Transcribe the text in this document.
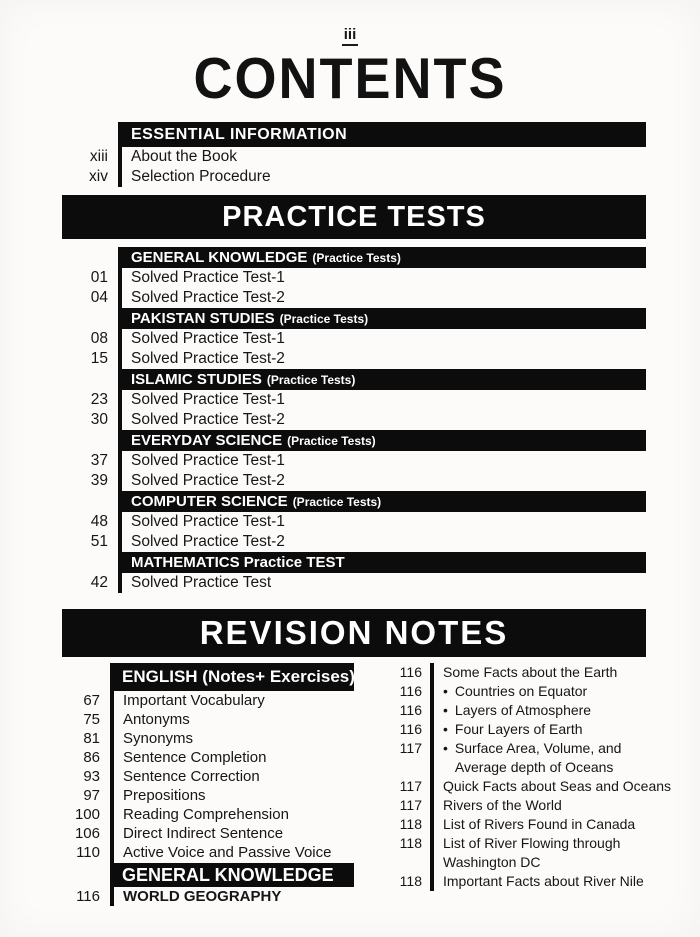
iii
CONTENTS
ESSENTIAL INFORMATION
xiii	About the Book
xiv	Selection Procedure
PRACTICE TESTS
GENERAL KNOWLEDGE (Practice Tests)
01	Solved Practice Test-1
04	Solved Practice Test-2
PAKISTAN STUDIES (Practice Tests)
08	Solved Practice Test-1
15	Solved Practice Test-2
ISLAMIC STUDIES (Practice Tests)
23	Solved Practice Test-1
30	Solved Practice Test-2
EVERYDAY SCIENCE (Practice Tests)
37	Solved Practice Test-1
39	Solved Practice Test-2
COMPUTER SCIENCE (Practice Tests)
48	Solved Practice Test-1
51	Solved Practice Test-2
MATHEMATICS Practice TEST
42	Solved Practice Test
REVISION NOTES
ENGLISH (Notes+ Exercises)
67	Important Vocabulary
75	Antonyms
81	Synonyms
86	Sentence Completion
93	Sentence Correction
97	Prepositions
100	Reading Comprehension
106	Direct Indirect Sentence
110	Active Voice and Passive Voice
GENERAL KNOWLEDGE
116	WORLD GEOGRAPHY
116	Some Facts about the Earth
116	• Countries on Equator
116	• Layers of Atmosphere
116	• Four Layers of Earth
117	• Surface Area, Volume, and Average depth of Oceans
117	Quick Facts about Seas and Oceans
117	Rivers of the World
118	List of Rivers Found in Canada
118	List of River Flowing through Washington DC
118	Important Facts about River Nile
